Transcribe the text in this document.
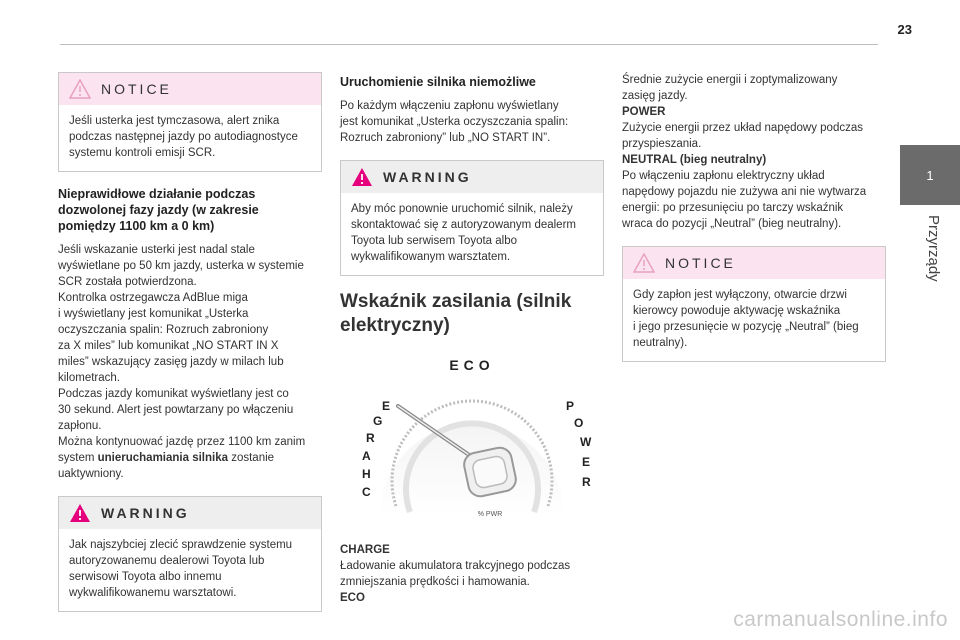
23
1
Przyrządy
NOTICE
Jeśli usterka jest tymczasowa, alert znika
podczas następnej jazdy po autodiagnostyce
systemu kontroli emisji SCR.
Nieprawidłowe działanie podczas
dozwolonej fazy jazdy (w zakresie
pomiędzy 1100 km a 0 km)
Jeśli wskazanie usterki jest nadal stale
wyświetlane po 50 km jazdy, usterka w systemie
SCR została potwierdzona.
Kontrolka ostrzegawcza AdBlue miga
i wyświetlany jest komunikat „Usterka
oczyszczania spalin: Rozruch zabroniony
za X miles” lub komunikat „NO START IN X
miles” wskazujący zasięg jazdy w milach lub
kilometrach.
Podczas jazdy komunikat wyświetlany jest co
30 sekund. Alert jest powtarzany po włączeniu
zapłonu.
Można kontynuować jazdę przez 1100 km zanim
system unieruchamiania silnika zostanie
uaktywniony.
WARNING
Jak najszybciej zlecić sprawdzenie systemu
autoryzowanemu dealerowi Toyota lub
serwisowi Toyota albo innemu
wykwalifikowanemu warsztatowi.
Uruchomienie silnika niemożliwe
Po każdym włączeniu zapłonu wyświetlany
jest komunikat „Usterka oczyszczania spalin:
Rozruch zabroniony” lub „NO START IN”.
WARNING
Aby móc ponownie uruchomić silnik, należy
skontaktować się z autoryzowanym dealerm
Toyota lub serwisem Toyota albo
wykwalifikowanym warsztatem.
Wskaźnik zasilania (silnik
elektryczny)
ECO
C
H
A
R
G
E	P
O
W
E
R
% PWR
CHARGE
Ładowanie akumulatora trakcyjnego podczas
zmniejszania prędkości i hamowania.
ECO
Średnie zużycie energii i zoptymalizowany
zasięg jazdy.
POWER
Zużycie energii przez układ napędowy podczas
przyspieszania.
NEUTRAL (bieg neutralny)
Po włączeniu zapłonu elektryczny układ
napędowy pojazdu nie zużywa ani nie wytwarza
energii: po przesunięciu po tarczy wskaźnik
wraca do pozycji „Neutral” (bieg neutralny).
NOTICE
Gdy zapłon jest wyłączony, otwarcie drzwi
kierowcy powoduje aktywację wskaźnika
i jego przesunięcie w pozycję „Neutral” (bieg
neutralny).
carmanualsonline.info
